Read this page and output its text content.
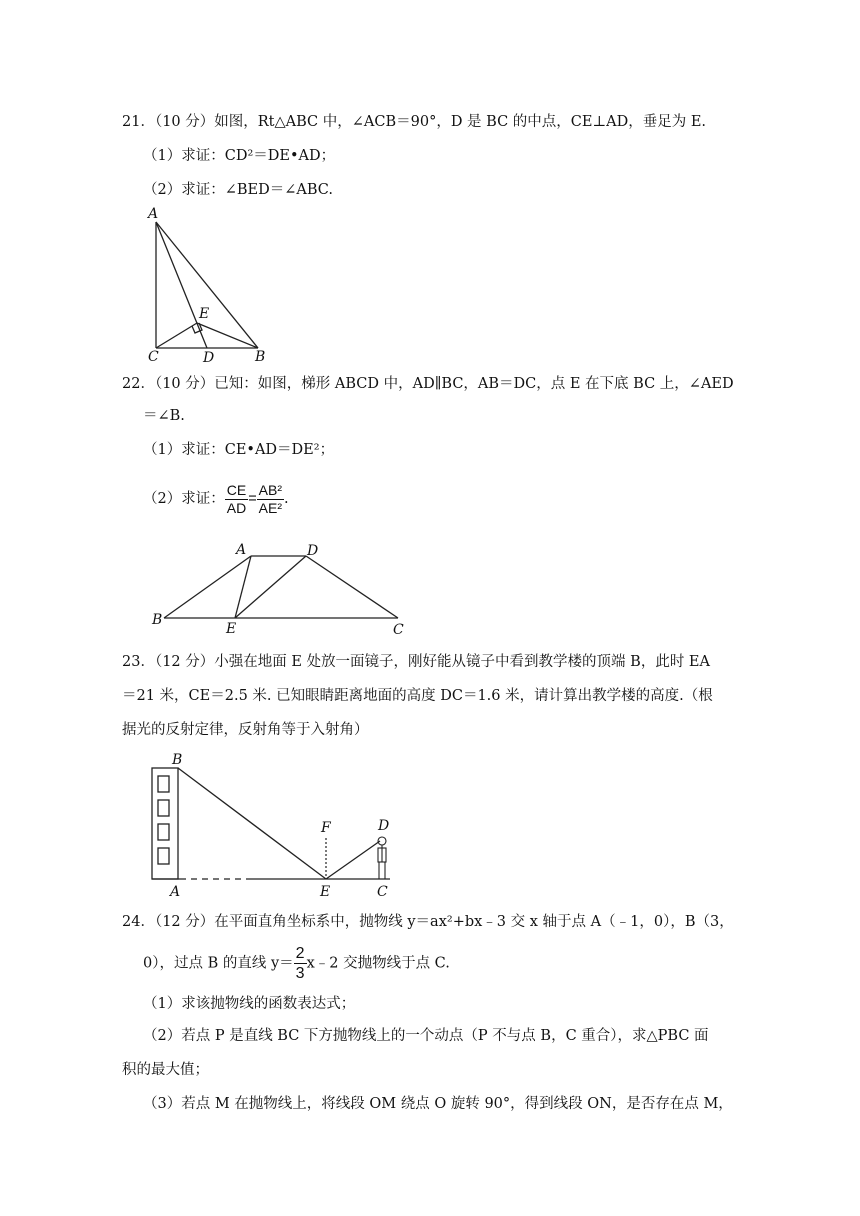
21．（10 分）如图，Rt△ABC 中，∠ACB＝90°，D 是 BC 的中点，CE⊥AD，垂足为 E.
（1）求证：CD²＝DE•AD；
（2）求证：∠BED＝∠ABC.
A
E
C	D	B
22．（10 分）已知：如图，梯形 ABCD 中，AD∥BC，AB＝DC，点 E 在下底 BC 上，∠AED
＝∠B.
（1）求证：CE•AD＝DE²；
（2）求证： $\frac{CE}{AD} = \frac{\text{AB²}}{\text{AE²}}$ .
A	D
B
E	C
23．（12 分）小强在地面 E 处放一面镜子，刚好能从镜子中看到教学楼的顶端 B，此时 EA
＝21 米，CE＝2.5 米. 已知眼睛距离地面的高度 DC＝1.6 米，请计算出教学楼的高度.（根
据光的反射定律，反射角等于入射角）
B
F	D
A	E	C
24．（12 分）在平面直角坐标系中，抛物线 y＝ax²+bx﹣3 交 x 轴于点 A（﹣1，0），B（3，
0），过点 B 的直线 $y= \frac{2}{3}$ x﹣2 交抛物线于点 C.
（1）求该抛物线的函数表达式；
（2）若点 P 是直线 BC 下方抛物线上的一个动点（P 不与点 B，C 重合），求△PBC 面
积的最大值；
（3）若点 M 在抛物线上，将线段 OM 绕点 O 旋转 90°，得到线段 ON，是否存在点 M，
